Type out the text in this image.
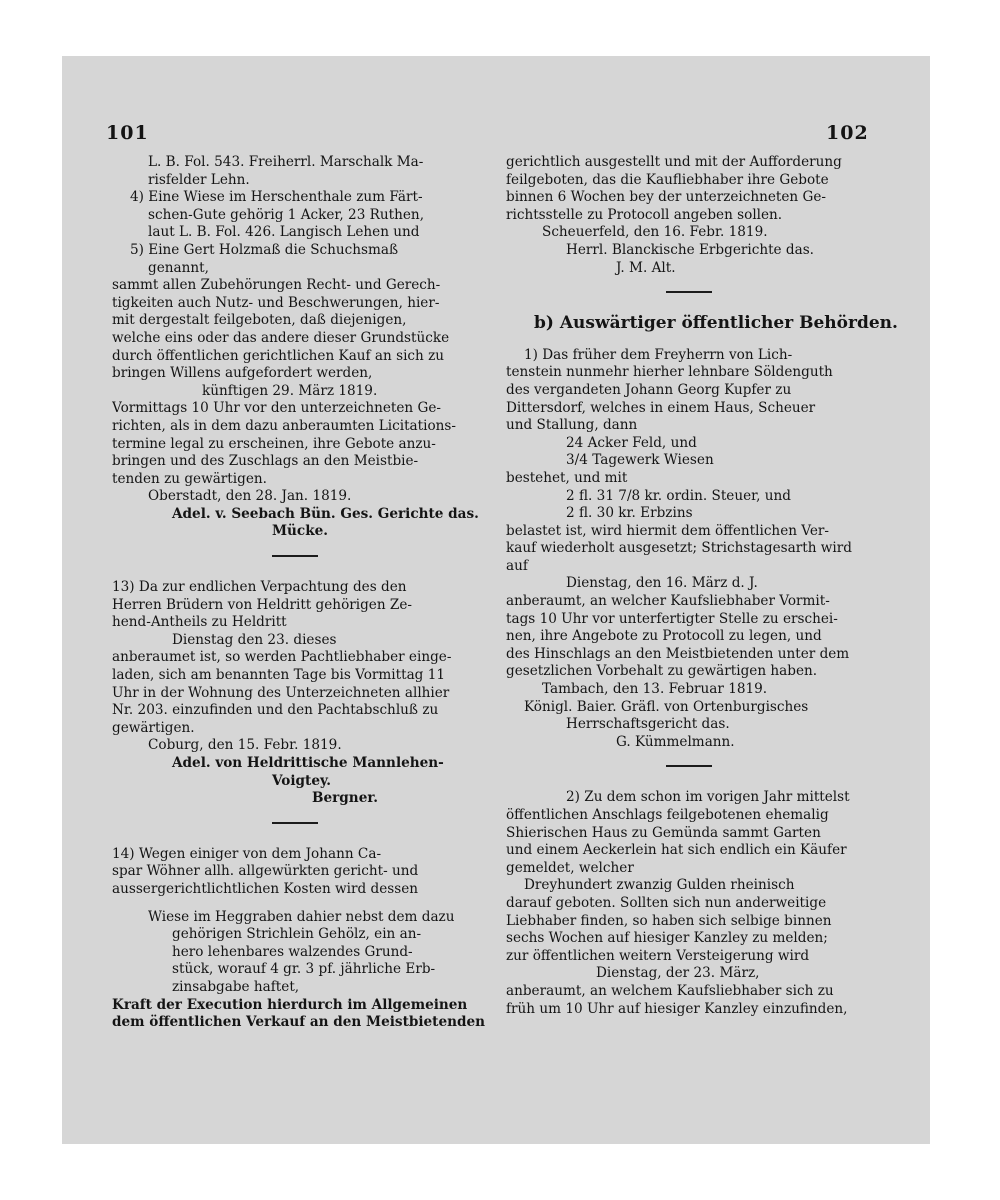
101	102
L. B. Fol. 543. Freiherrl. Marschalk Ma-
risfelder Lehn.
4) Eine Wiese im Herschenthale zum Färt-
schen-Gute gehörig 1 Acker, 23 Ruthen,
laut L. B. Fol. 426. Langisch Lehen und
5) Eine Gert Holzmaß die Schuchsmaß
genannt,
sammt allen Zubehörungen Recht- und Gerech-
tigkeiten auch Nutz- und Beschwerungen, hier-
mit dergestalt feilgeboten, daß diejenigen,
welche eins oder das andere dieser Grundstücke
durch öffentlichen gerichtlichen Kauf an sich zu
bringen Willens aufgefordert werden,
künftigen 29. März 1819.
Vormittags 10 Uhr vor den unterzeichneten Ge-
richten, als in dem dazu anberaumten Licitations-
termine legal zu erscheinen, ihre Gebote anzu-
bringen und des Zuschlags an den Meistbie-
tenden zu gewärtigen.
Oberstadt, den 28. Jan. 1819.
Adel. v. Seebach Bün. Ges. Gerichte das.
Mücke.
13) Da zur endlichen Verpachtung des den
Herren Brüdern von Heldritt gehörigen Ze-
hend-Antheils zu Heldritt
Dienstag den 23. dieses
anberaumet ist, so werden Pachtliebhaber einge-
laden, sich am benannten Tage bis Vormittag 11
Uhr in der Wohnung des Unterzeichneten allhier
Nr. 203. einzufinden und den Pachtabschluß zu
gewärtigen.
Coburg, den 15. Febr. 1819.
Adel. von Heldrittische Mannlehen-
Voigtey.
Bergner.
14) Wegen einiger von dem Johann Ca-
spar Wöhner allh. allgewürkten gericht- und
aussergerichtlichtlichen Kosten wird dessen
Wiese im Heggraben dahier nebst dem dazu
gehörigen Strichlein Gehölz, ein an-
hero lehenbares walzendes Grund-
stück, worauf 4 gr. 3 pf. jährliche Erb-
zinsabgabe haftet,
Kraft der Execution hierdurch im Allgemeinen
dem öffentlichen Verkauf an den Meistbietenden
gerichtlich ausgestellt und mit der Aufforderung
feilgeboten, das die Kaufliebhaber ihre Gebote
binnen 6 Wochen bey der unterzeichneten Ge-
richtsstelle zu Protocoll angeben sollen.
Scheuerfeld, den 16. Febr. 1819.
Herrl. Blanckische Erbgerichte das.
J. M. Alt.
b) Auswärtiger öffentlicher Behörden.
1) Das früher dem Freyherrn von Lich-
tenstein nunmehr hierher lehnbare Söldenguth
des vergandeten Johann Georg Kupfer zu
Dittersdorf, welches in einem Haus, Scheuer
und Stallung, dann
24 Acker Feld, und
3/4 Tagewerk Wiesen
bestehet, und mit
2 fl. 31 7/8 kr. ordin. Steuer, und
2 fl. 30 kr. Erbzins
belastet ist, wird hiermit dem öffentlichen Ver-
kauf wiederholt ausgesetzt; Strichstagesarth wird
auf
Dienstag, den 16. März d. J.
anberaumt, an welcher Kaufsliebhaber Vormit-
tags 10 Uhr vor unterfertigter Stelle zu erschei-
nen, ihre Angebote zu Protocoll zu legen, und
des Hinschlags an den Meistbietenden unter dem
gesetzlichen Vorbehalt zu gewärtigen haben.
Tambach, den 13. Februar 1819.
Königl. Baier. Gräfl. von Ortenburgisches
Herrschaftsgericht das.
G. Kümmelmann.
2) Zu dem schon im vorigen Jahr mittelst
öffentlichen Anschlags feilgebotenen ehemalig
Shierischen Haus zu Gemünda sammt Garten
und einem Aeckerlein hat sich endlich ein Käufer
gemeldet, welcher
Dreyhundert zwanzig Gulden rheinisch
darauf geboten. Sollten sich nun anderweitige
Liebhaber finden, so haben sich selbige binnen
sechs Wochen auf hiesiger Kanzley zu melden;
zur öffentlichen weitern Versteigerung wird
Dienstag, der 23. März,
anberaumt, an welchem Kaufsliebhaber sich zu
früh um 10 Uhr auf hiesiger Kanzley einzufinden,
